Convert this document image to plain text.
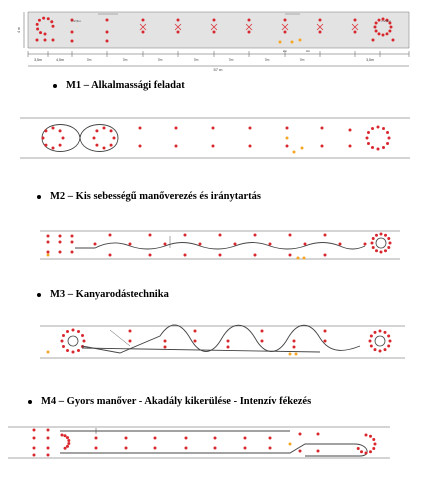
3,5m	4,5m	7m	7m	7m	7m	7m	7m	7m	3,5m
57 m
4 m
2m	4m
r=2,5m	r=2,5m
M1 – Alkalmassági feladat
M2 – Kis sebességű manőverezés és iránytartás
M3 – Kanyarodástechnika
M4 – Gyors manőver - Akadály kikerülése - Intenzív fékezés
